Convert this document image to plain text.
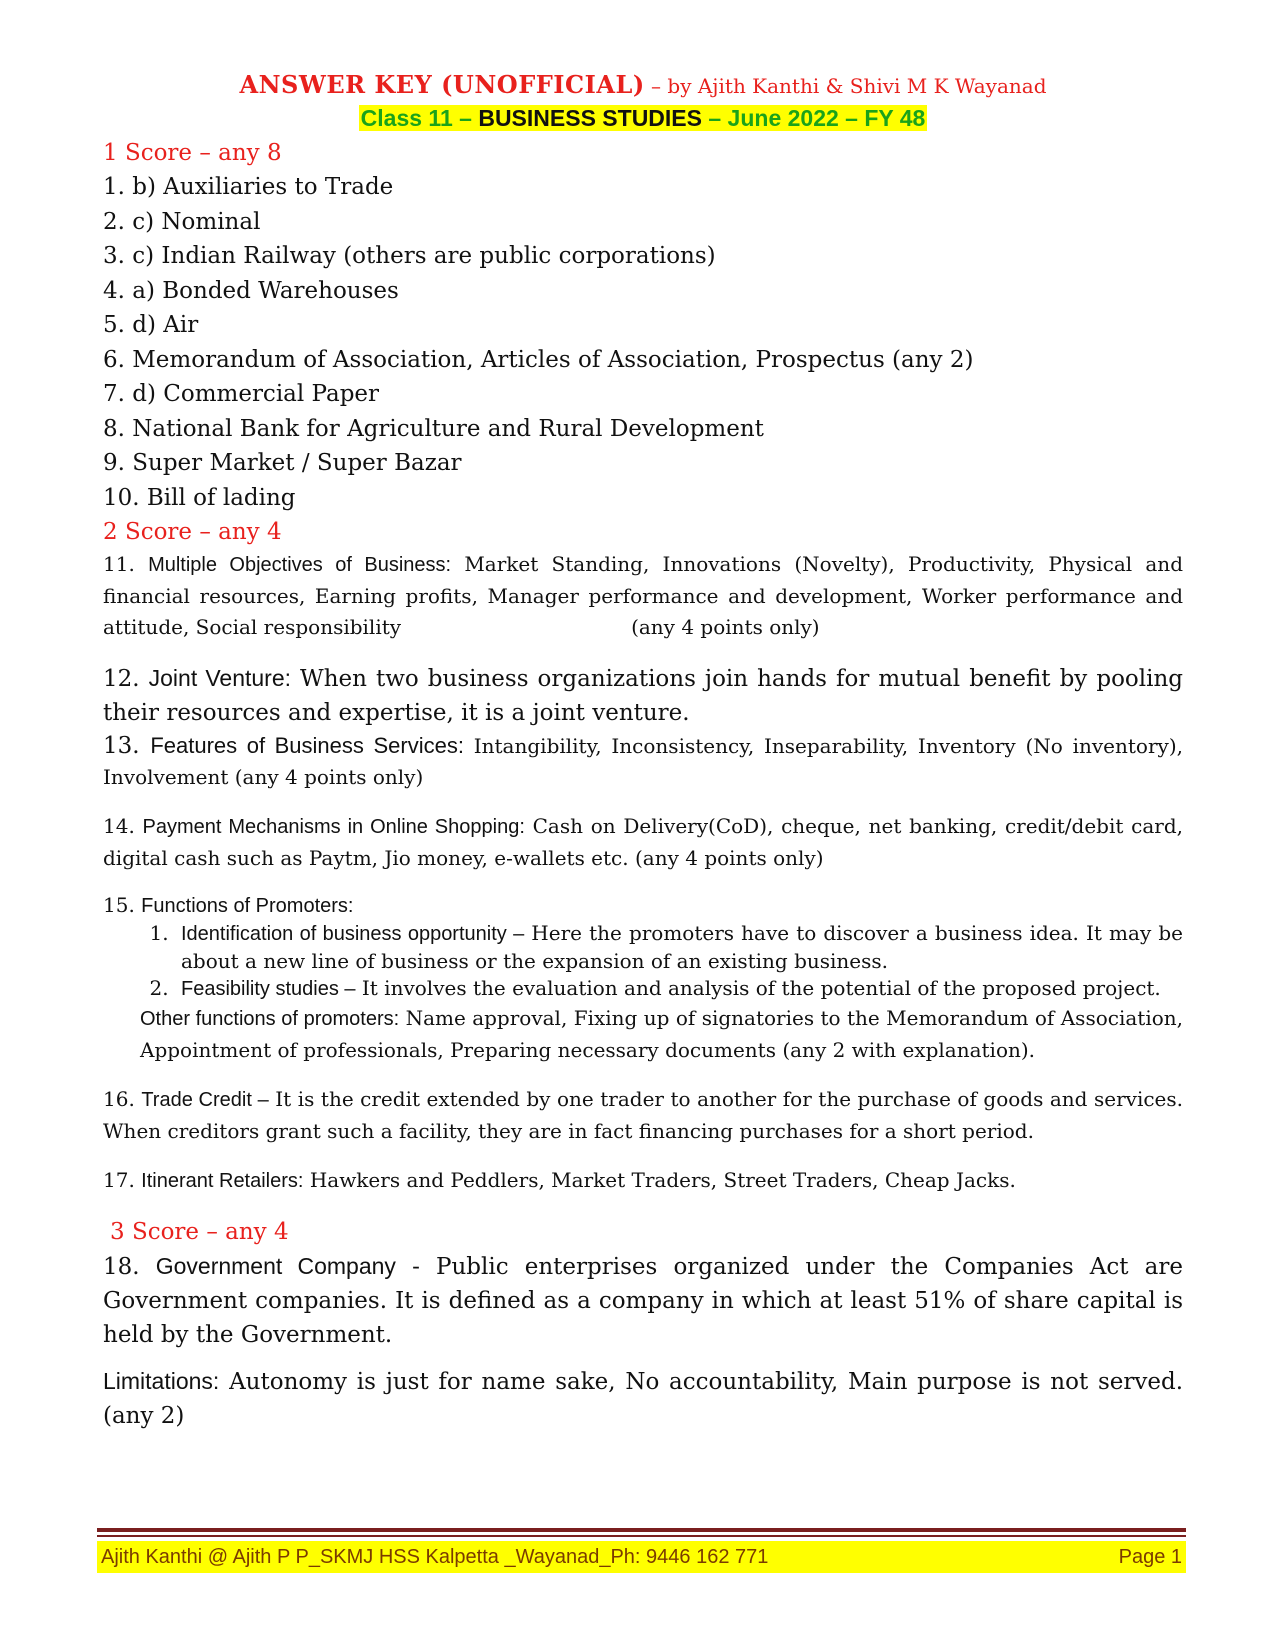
ANSWER KEY (UNOFFICIAL) – by Ajith Kanthi & Shivi M K Wayanad

Class 11 – BUSINESS STUDIES – June 2022 – FY 48

1 Score – any 8

1. b) Auxiliaries to Trade

2. c) Nominal

3. c) Indian Railway (others are public corporations)

4. a) Bonded Warehouses

5. d) Air

6. Memorandum of Association, Articles of Association, Prospectus (any 2)

7. d) Commercial Paper

8. National Bank for Agriculture and Rural Development

9. Super Market / Super Bazar

10. Bill of lading

2 Score – any 4

11. Multiple Objectives of Business: Market Standing, Innovations (Novelty), Productivity, Physical and financial resources, Earning profits, Manager performance and development, Worker performance and attitude, Social responsibility	(any 4 points only)

12. Joint Venture: When two business organizations join hands for mutual benefit by pooling their resources and expertise, it is a joint venture.

13. Features of Business Services: Intangibility, Inconsistency, Inseparability, Inventory (No inventory), Involvement (any 4 points only)

14. Payment Mechanisms in Online Shopping: Cash on Delivery(CoD), cheque, net banking, credit/debit card, digital cash such as Paytm, Jio money, e-wallets etc. (any 4 points only)

15. Functions of Promoters:

1. Identification of business opportunity – Here the promoters have to discover a business idea. It may be about a new line of business or the expansion of an existing business.
2. Feasibility studies – It involves the evaluation and analysis of the potential of the proposed project.

Other functions of promoters: Name approval, Fixing up of signatories to the Memorandum of Association, Appointment of professionals, Preparing necessary documents (any 2 with explanation).

16. Trade Credit – It is the credit extended by one trader to another for the purchase of goods and services. When creditors grant such a facility, they are in fact financing purchases for a short period.

17. Itinerant Retailers: Hawkers and Peddlers, Market Traders, Street Traders, Cheap Jacks.

3 Score – any 4

18. Government Company - Public enterprises organized under the Companies Act are Government companies. It is defined as a company in which at least 51% of share capital is held by the Government.

Limitations: Autonomy is just for name sake, No accountability, Main purpose is not served. (any 2)

Ajith Kanthi @ Ajith P P_SKMJ HSS Kalpetta _Wayanad_Ph: 9446 162 771	Page 1
